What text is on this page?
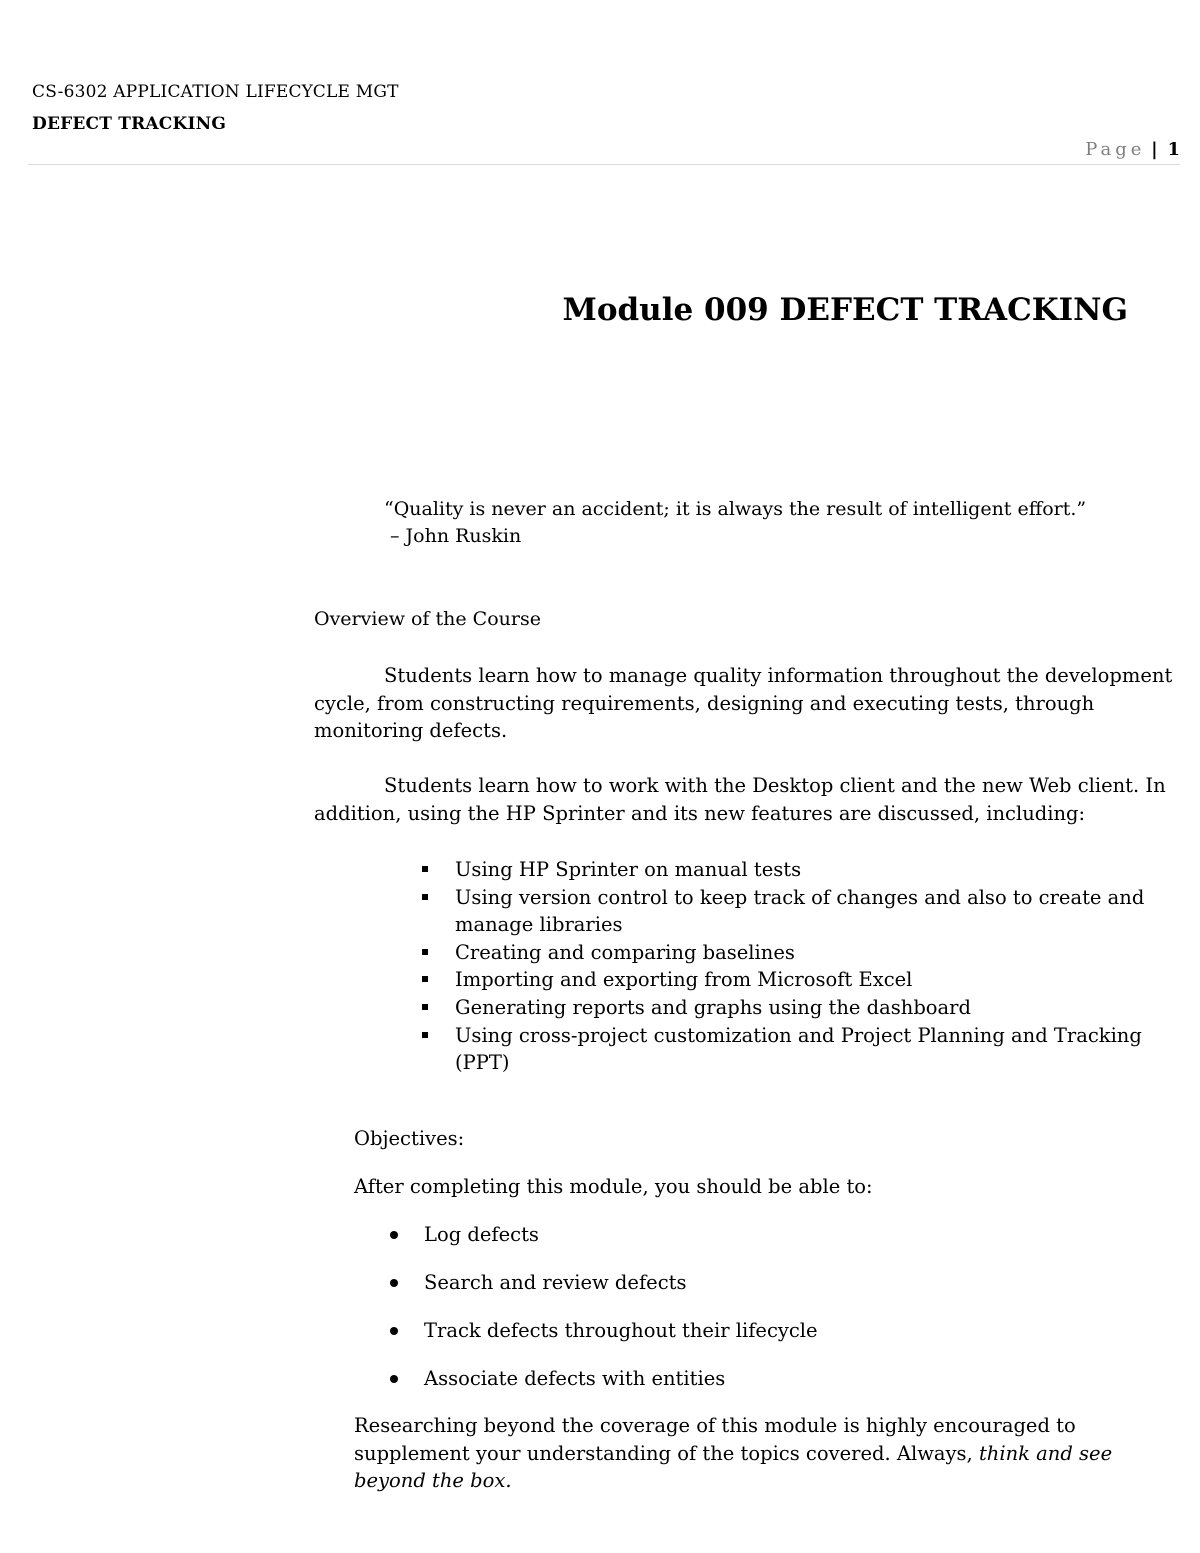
CS-6302 APPLICATION LIFECYCLE MGT
DEFECT TRACKING
Page | 1
Module 009 DEFECT TRACKING
“Quality is never an accident; it is always the result of intelligent effort.”
– John Ruskin
Overview of the Course
Students learn how to manage quality information throughout the development cycle, from constructing requirements, designing and executing tests, through monitoring defects.
Students learn how to work with the Desktop client and the new Web client. In addition, using the HP Sprinter and its new features are discussed, including:
Using HP Sprinter on manual tests
Using version control to keep track of changes and also to create and manage libraries
Creating and comparing baselines
Importing and exporting from Microsoft Excel
Generating reports and graphs using the dashboard
Using cross-project customization and Project Planning and Tracking (PPT)
Objectives:
After completing this module, you should be able to:
Log defects
Search and review defects
Track defects throughout their lifecycle
Associate defects with entities
Researching beyond the coverage of this module is highly encouraged to supplement your understanding of the topics covered. Always, think and see beyond the box.
